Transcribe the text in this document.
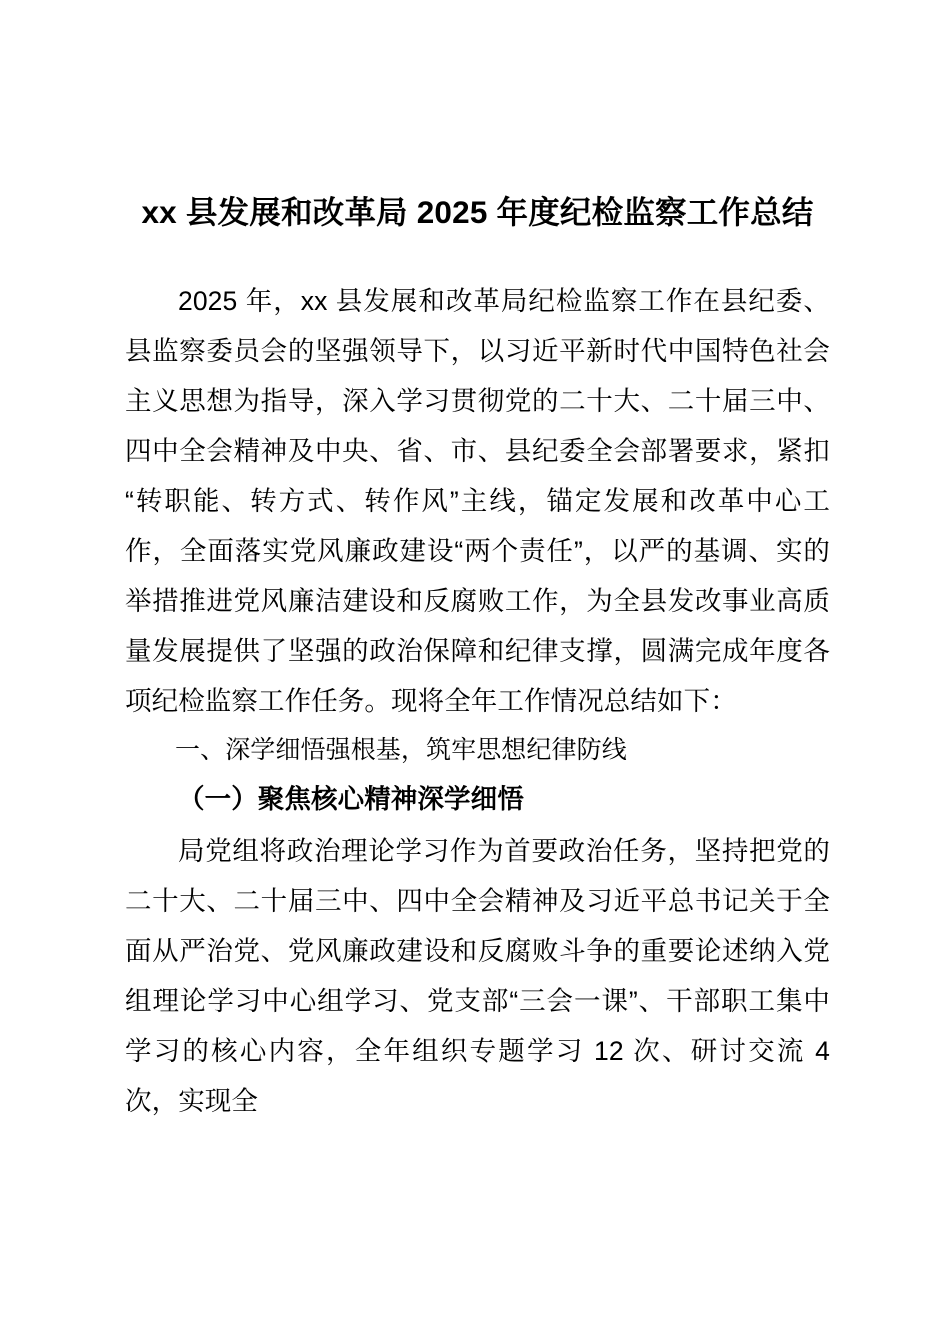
xx 县发展和改革局 2025 年度纪检监察工作总结

2025 年，xx 县发展和改革局纪检监察工作在县纪委、县监察委员会的坚强领导下，以习近平新时代中国特色社会主义思想为指导，深入学习贯彻党的二十大、二十届三中、四中全会精神及中央、省、市、县纪委全会部署要求，紧扣“转职能、转方式、转作风”主线，锚定发展和改革中心工作，全面落实党风廉政建设“两个责任”，以严的基调、实的举措推进党风廉洁建设和反腐败工作，为全县发改事业高质量发展提供了坚强的政治保障和纪律支撑，圆满完成年度各项纪检监察工作任务。现将全年工作情况总结如下：

一、深学细悟强根基，筑牢思想纪律防线

（一）聚焦核心精神深学细悟

局党组将政治理论学习作为首要政治任务，坚持把党的二十大、二十届三中、四中全会精神及习近平总书记关于全面从严治党、党风廉政建设和反腐败斗争的重要论述纳入党组理论学习中心组学习、党支部“三会一课”、干部职工集中学习的核心内容，全年组织专题学习 12 次、研讨交流 4 次，实现全
